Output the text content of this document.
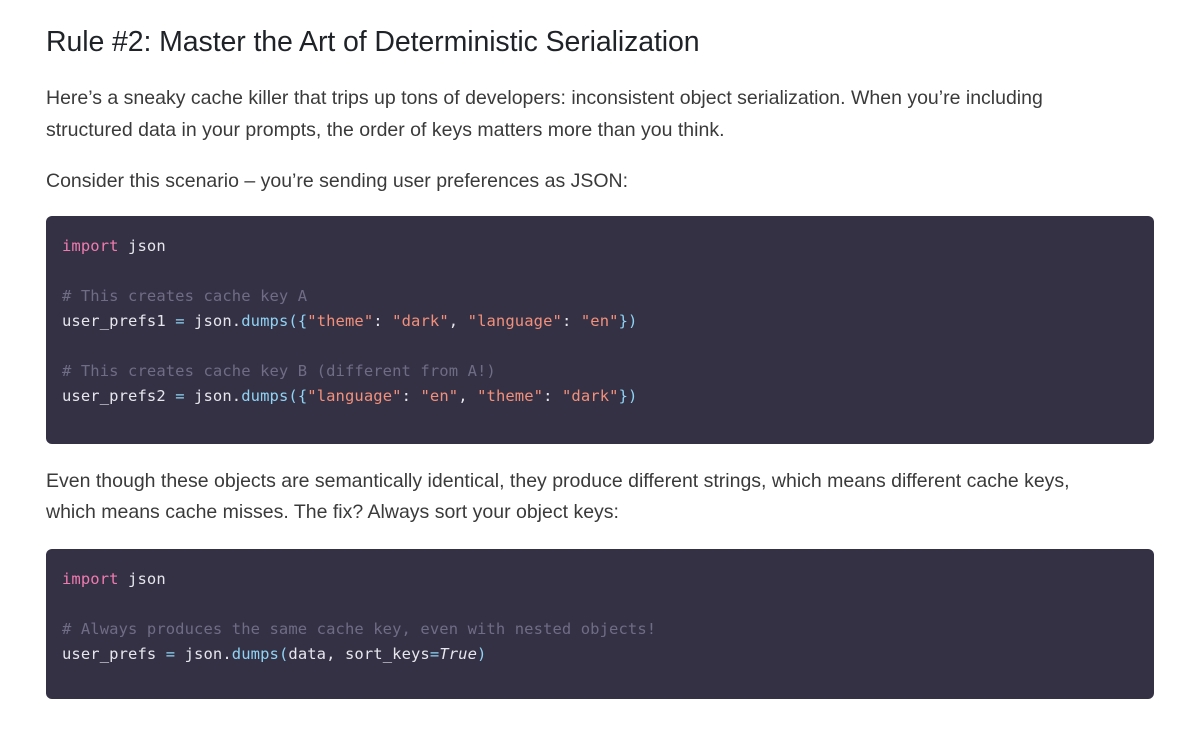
Rule #2: Master the Art of Deterministic Serialization

Here’s a sneaky cache killer that trips up tons of developers: inconsistent object serialization. When you’re including structured data in your prompts, the order of keys matters more than you think.

Consider this scenario – you’re sending user preferences as JSON:

import json

# This creates cache key A
user_prefs1 = json.dumps({"theme": "dark", "language": "en"})

# This creates cache key B (different from A!)
user_prefs2 = json.dumps({"language": "en", "theme": "dark"})

Even though these objects are semantically identical, they produce different strings, which means different cache keys, which means cache misses. The fix? Always sort your object keys:

import json

# Always produces the same cache key, even with nested objects!
user_prefs = json.dumps(data, sort_keys=True)
